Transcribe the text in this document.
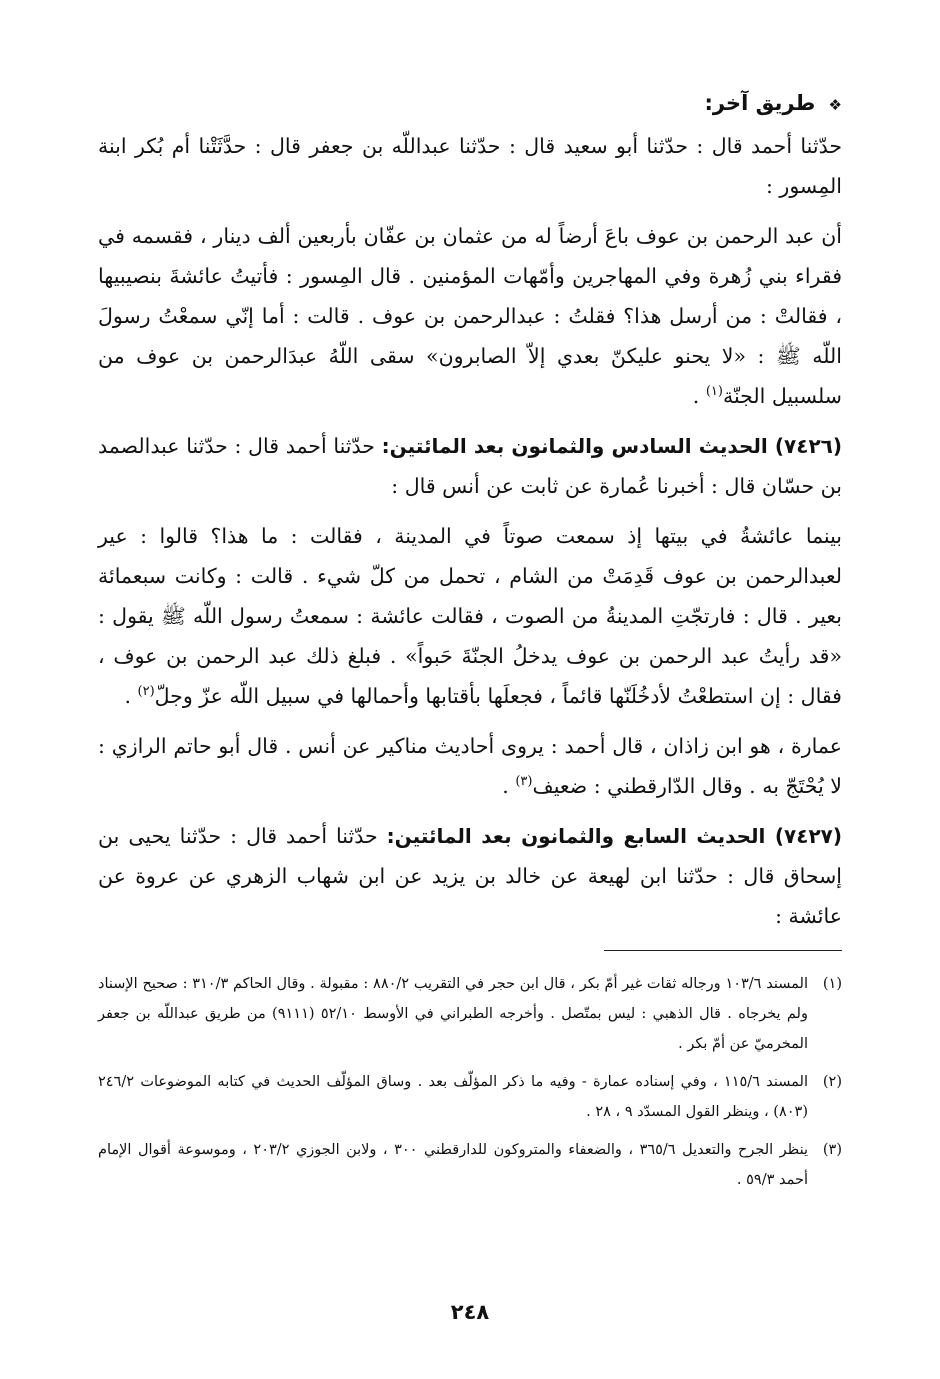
❖ طريق آخر:

حدّثنا أحمد قال : حدّثنا أبو سعيد قال : حدّثنا عبداللّه بن جعفر قال : حدَّثَتْنا أم بُكر ابنة المِسور :

أن عبد الرحمن بن عوف باعَ أرضاً له من عثمان بن عفّان بأربعين ألف دينار ، فقسمه في فقراء بني زُهرة وفي المهاجرين وأمّهات المؤمنين . قال المِسور : فأتيتُ عائشةَ بنصيبيها ، فقالتْ : من أرسل هذا؟ فقلتُ : عبدالرحمن بن عوف . قالت : أما إنّي سمعْتُ رسولَ اللّه ﷺ : «لا يحنو عليكنّ بعدي إلاّ الصابرون» سقى اللّهُ عبدَالرحمن بن عوف من سلسبيل الجنّة$^{(١)}$ .

(٧٤٢٦) الحديث السادس والثمانون بعد المائتين: حدّثنا أحمد قال : حدّثنا عبدالصمد بن حسّان قال : أخبرنا عُمارة عن ثابت عن أنس قال :

بينما عائشةُ في بيتها إذ سمعت صوتاً في المدينة ، فقالت : ما هذا؟ قالوا : عير لعبدالرحمن بن عوف قَدِمَتْ من الشام ، تحمل من كلّ شيء . قالت : وكانت سبعمائة بعير . قال : فارتجّتِ المدينةُ من الصوت ، فقالت عائشة : سمعتُ رسول اللّه ﷺ يقول : «قد رأيتُ عبد الرحمن بن عوف يدخلُ الجنّةَ حَبواً» . فبلغ ذلك عبد الرحمن بن عوف ، فقال : إن استطعْتُ لأدخُلَنّها قائماً ، فجعلَها بأقتابها وأحمالها في سبيل اللّه عزّ وجلّ$^{(٢)}$ .

عمارة ، هو ابن زاذان ، قال أحمد : يروى أحاديث مناكير عن أنس . قال أبو حاتم الرازي : لا يُحْتَجّ به . وقال الدّارقطني : ضعيف$^{(٣)}$ .

(٧٤٢٧) الحديث السابع والثمانون بعد المائتين: حدّثنا أحمد قال : حدّثنا يحيى بن إسحاق قال : حدّثنا ابن لهيعة عن خالد بن يزيد عن ابن شهاب الزهري عن عروة عن عائشة :

(١)المسند ١٠٣/٦ ورجاله ثقات غير أمّ بكر ، قال ابن حجر في التقريب ٨٨٠/٢ : مقبولة . وقال الحاكم ٣١٠/٣ : صحيح الإسناد ولم يخرجاه . قال الذهبي : ليس بمتّصل . وأخرجه الطبراني في الأوسط ٥٢/١٠ (٩١١١) من طريق عبداللّه بن جعفر المخرميّ عن أمّ بكر .

(٢)المسند ١١٥/٦ ، وفي إسناده عمارة - وفيه ما ذكر المؤلّف بعد . وساق المؤلّف الحديث في كتابه الموضوعات ٢٤٦/٢ (٨٠٣) ، وينظر القول المسدّد ٩ ، ٢٨ .

(٣)ينظر الجرح والتعديل ٣٦٥/٦ ، والضعفاء والمتروكون للدارقطني ٣٠٠ ، ولابن الجوزي ٢٠٣/٢ ، وموسوعة أقوال الإمام أحمد ٥٩/٣ .

٢٤٨
